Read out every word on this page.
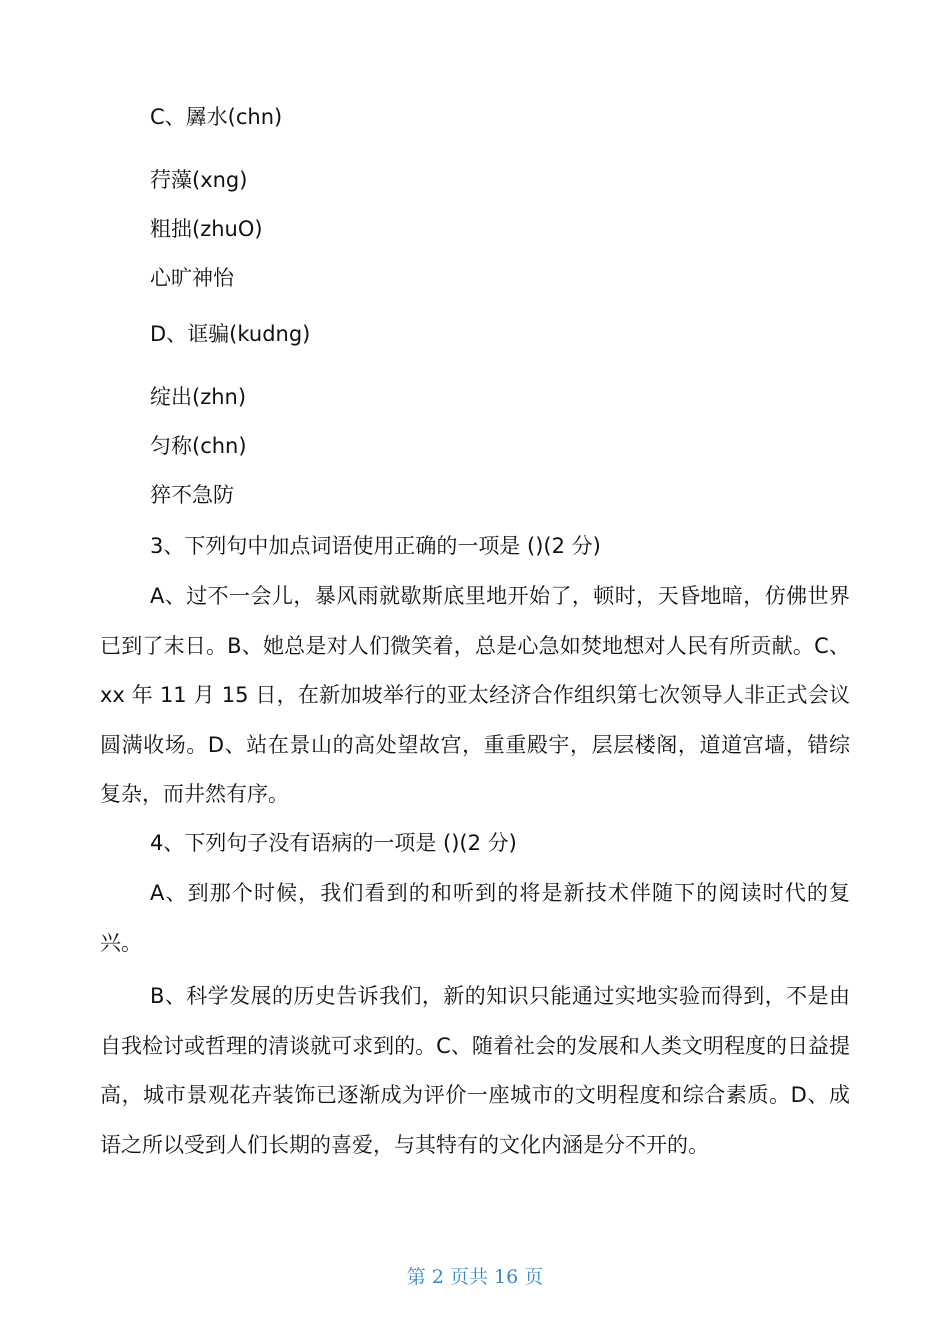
C、羼水(chn)
荇藻(xng)
粗拙(zhuO)
心旷神怡
D、诓骗(kudng)
绽出(zhn)
匀称(chn)
猝不急防
3、下列句中加点词语使用正确的一项是 ()(2 分)
A、过不一会儿，暴风雨就歇斯底里地开始了，顿时，天昏地暗，仿佛世界已到了末日。B、她总是对人们微笑着，总是心急如焚地想对人民有所贡献。C、xx 年 11 月 15 日，在新加坡举行的亚太经济合作组织第七次领导人非正式会议圆满收场。D、站在景山的高处望故宫，重重殿宇，层层楼阁，道道宫墙，错综复杂，而井然有序。
4、下列句子没有语病的一项是 ()(2 分)
A、到那个时候，我们看到的和听到的将是新技术伴随下的阅读时代的复兴。
B、科学发展的历史告诉我们，新的知识只能通过实地实验而得到，不是由自我检讨或哲理的清谈就可求到的。C、随着社会的发展和人类文明程度的日益提高，城市景观花卉装饰已逐渐成为评价一座城市的文明程度和综合素质。D、成语之所以受到人们长期的喜爱，与其特有的文化内涵是分不开的。
第 2 页共 16 页
